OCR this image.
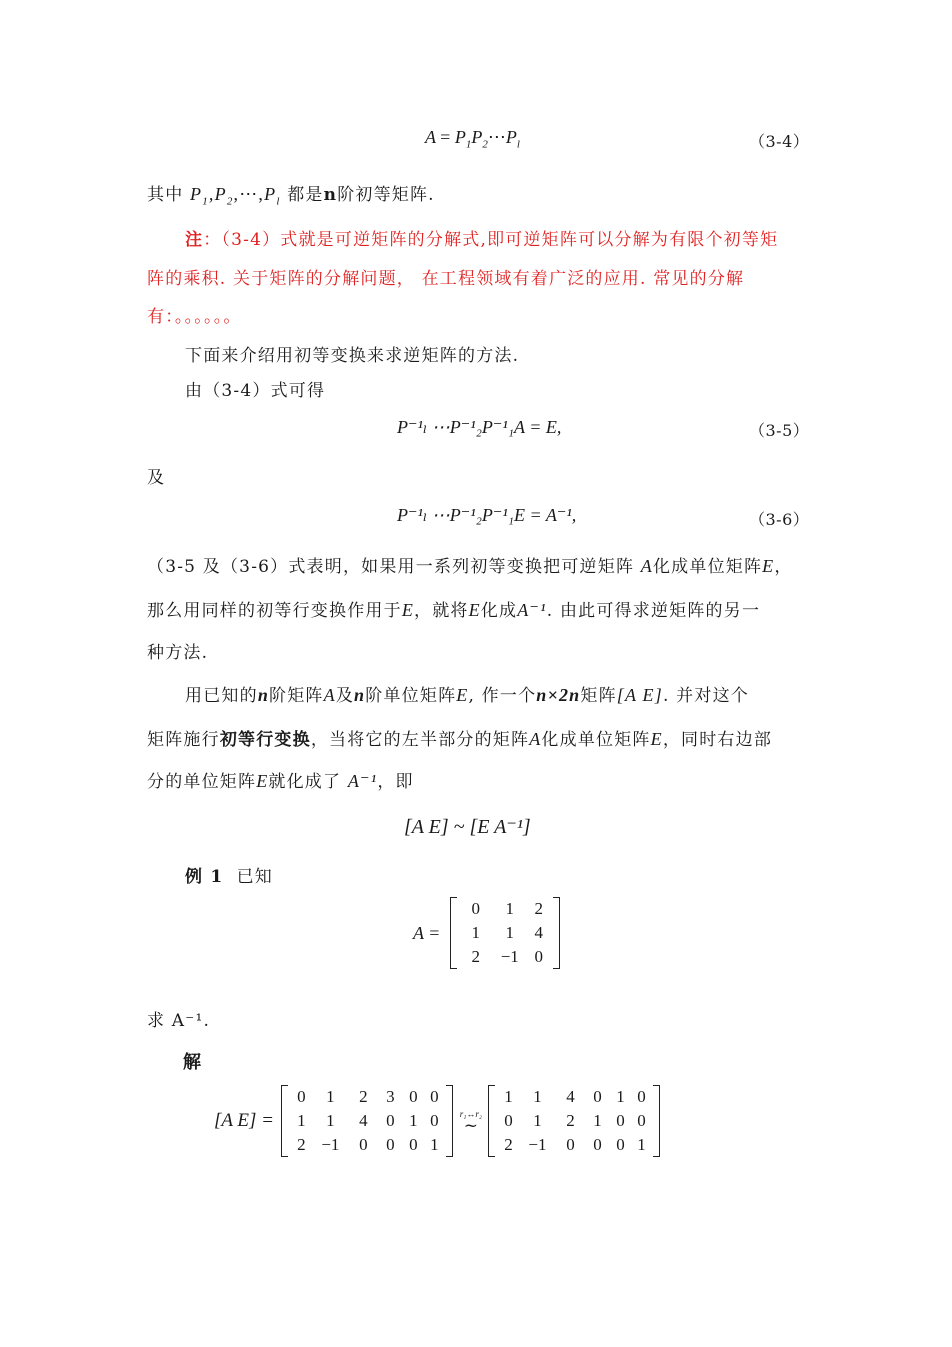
$A = P_1P_2\cdots P_l$	（3-4）
其中 $P_1,P_2,\cdots,P_l$ 都是n阶初等矩阵.
注：（3-4）式就是可逆矩阵的分解式,即可逆矩阵可以分解为有限个初等矩
阵的乘积. 关于矩阵的分解问题， 在工程领域有着广泛的应用. 常见的分解
有：。。。。。。
下面来介绍用初等变换来求逆矩阵的方法.
由（3-4）式可得
P⁻¹ₗ ⋯P⁻¹₂P⁻¹₁A = E,	（3-5）
及
P⁻¹ₗ ⋯P⁻¹₂P⁻¹₁E = A⁻¹,	（3-6）
（3-5 及（3-6）式表明，如果用一系列初等变换把可逆矩阵 A化成单位矩阵E，
那么用同样的初等行变换作用于E，就将E化成A⁻¹. 由此可得求逆矩阵的另一
种方法.
用已知的n阶矩阵A及n阶单位矩阵E, 作一个n×2n矩阵[A E]. 并对这个
矩阵施行初等行变换，当将它的左半部分的矩阵A化成单位矩阵E，同时右边部
分的单位矩阵E就化成了 A⁻¹，即
[A E] ~ [E A⁻¹]
例 1 已知
A =
0	1	2
1	1	4
2	−1 0
求 A⁻¹.
解
[A E] =
0	1	2	3 0 0
1	1	4	0 1 0
2 −1	0	0 0 1

r₁↔r₂
~

1	1	4	0 1 0
0	1	2	1 0 0
2 −1	0	0 0 1
